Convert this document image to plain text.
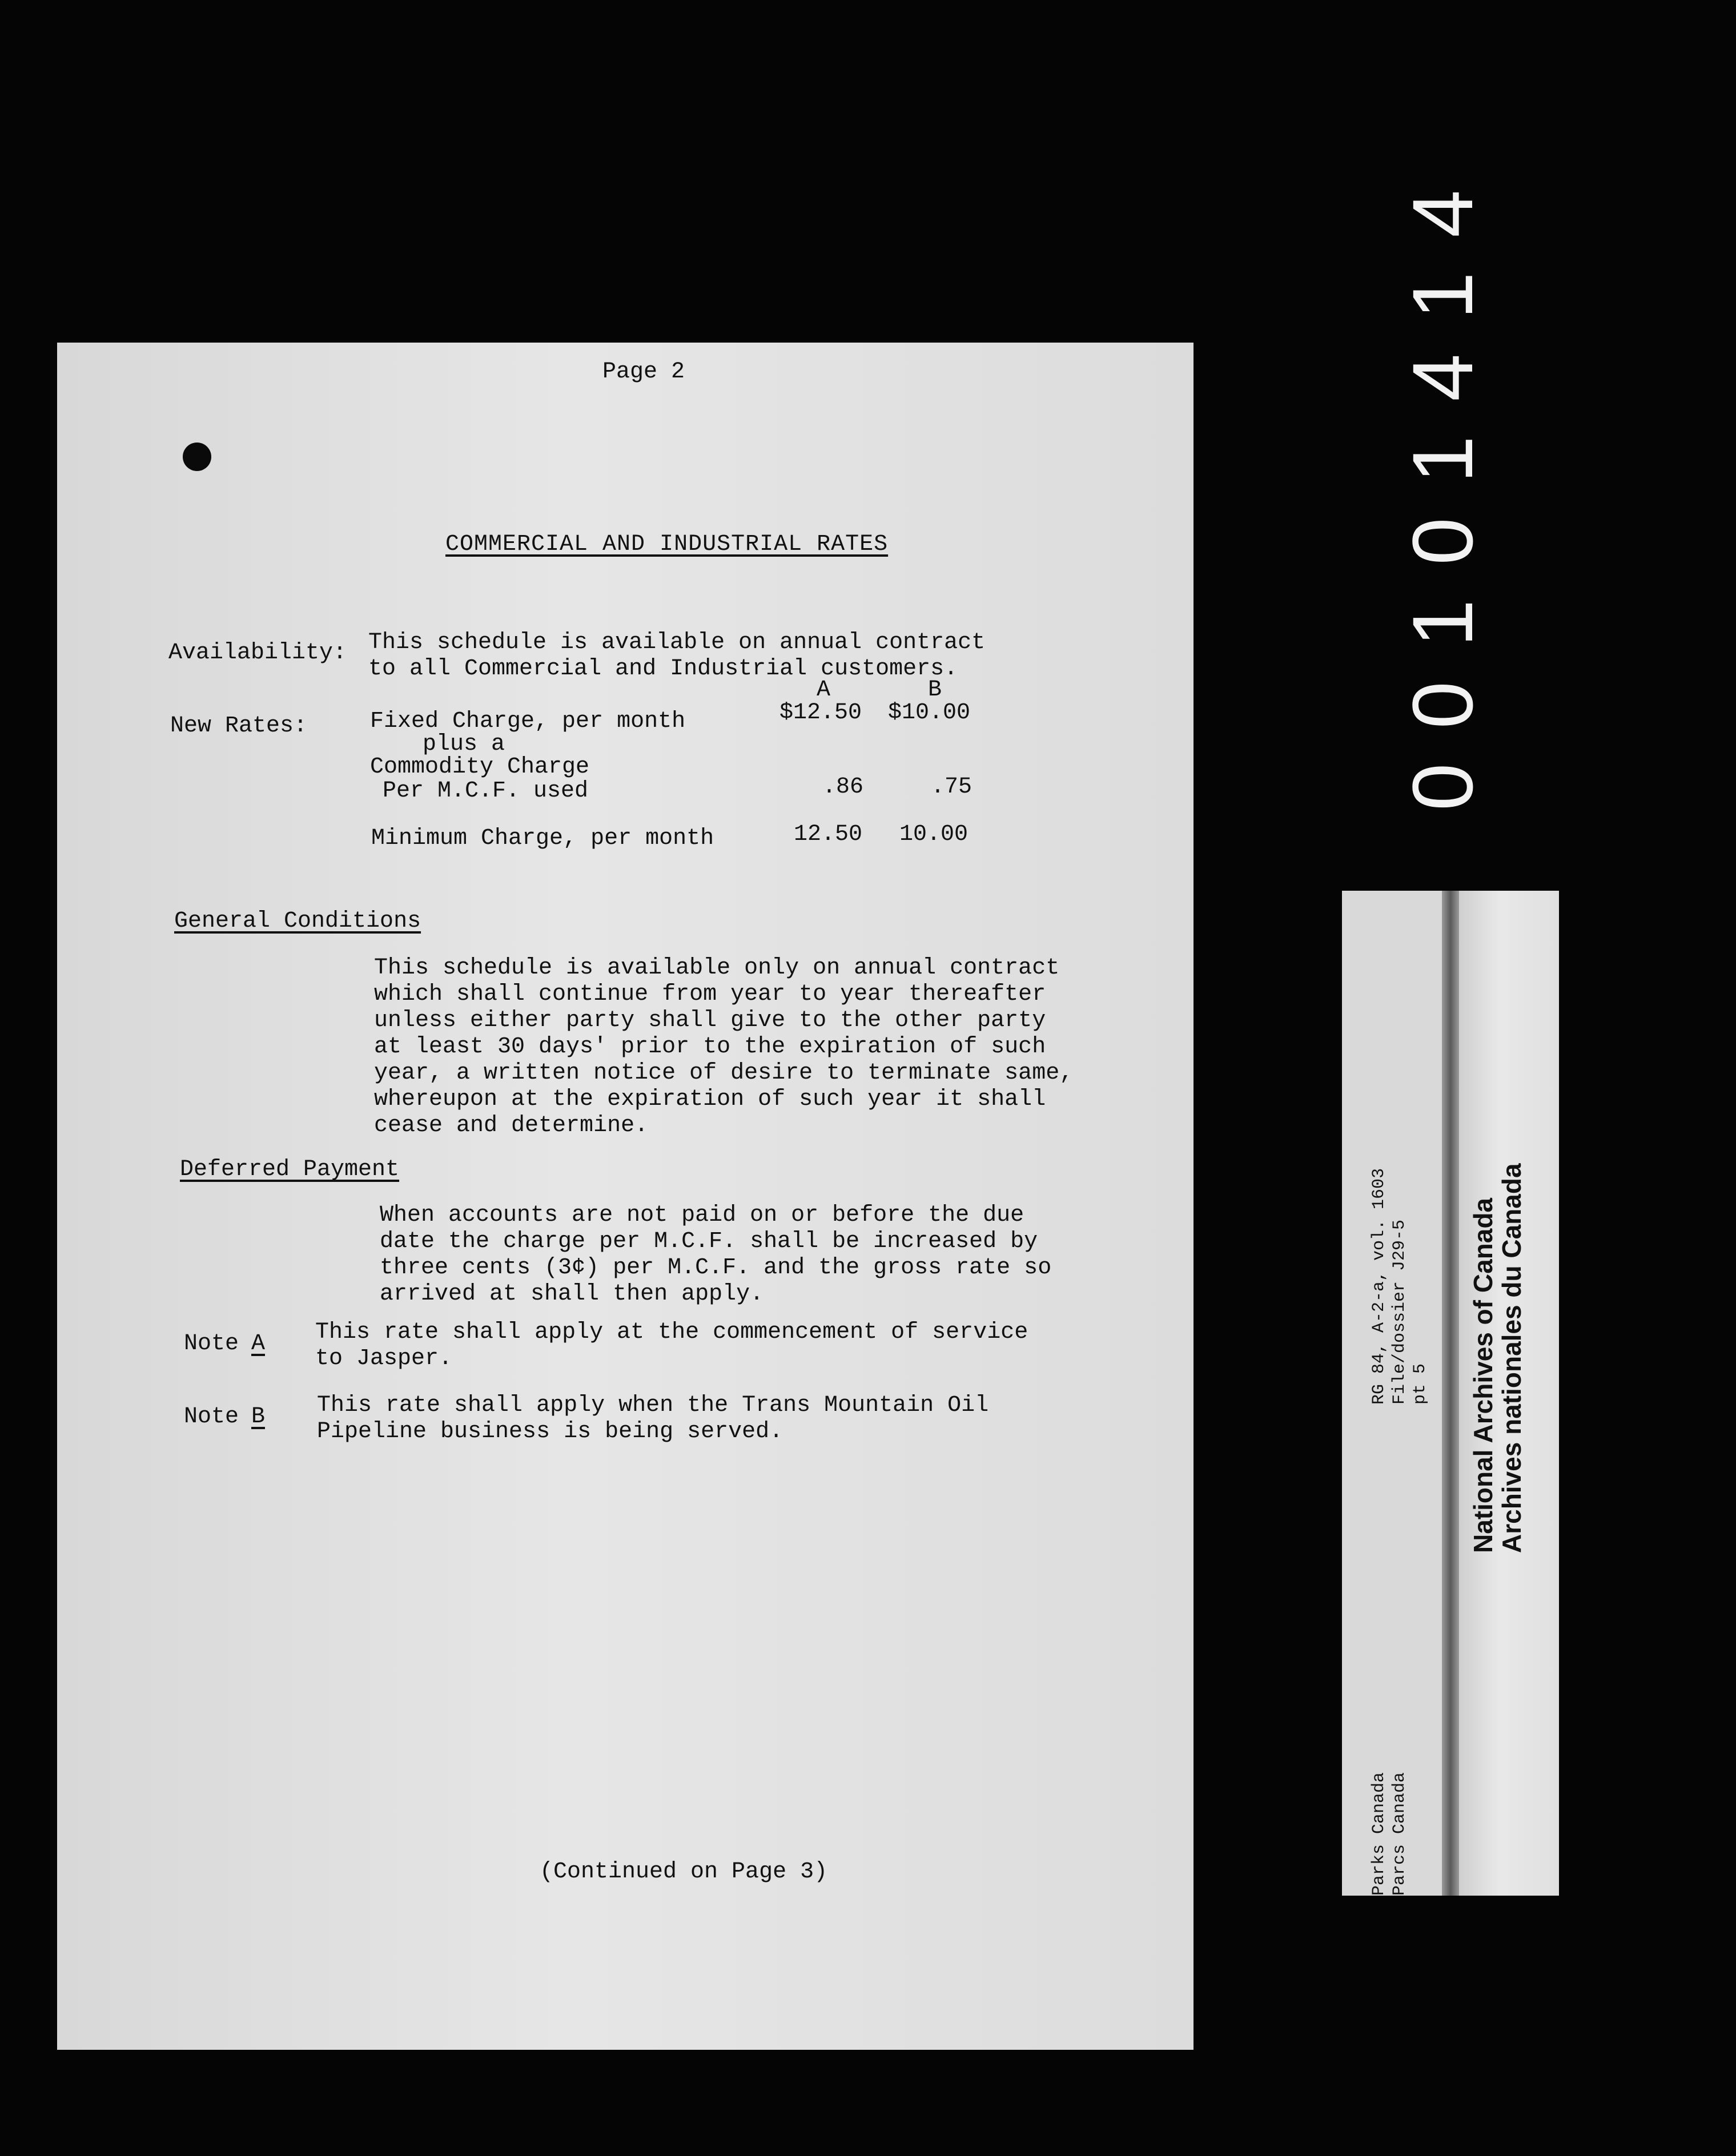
00101414
Page 2
COMMERCIAL AND INDUSTRIAL RATES
Availability: This schedule is available on annual contract
to all Commercial and Industrial customers.
A	B
New Rates:	Fixed Charge, per month	$12.50 $10.00
plus a
Commodity Charge
Per M.C.F. used	.86	.75
Minimum Charge, per month	12.50 10.00
General Conditions
This schedule is available only on annual contract
which shall continue from year to year thereafter
unless either party shall give to the other party
at least 30 days' prior to the expiration of such
year, a written notice of desire to terminate same,
whereupon at the expiration of such year it shall
cease and determine.
Deferred Payment
When accounts are not paid on or before the due
date the charge per M.C.F. shall be increased by
three cents (3¢) per M.C.F. and the gross rate so
arrived at shall then apply.
Note A This rate shall apply at the commencement of service
to Jasper.
Note B This rate shall apply when the Trans Mountain Oil
Pipeline business is being served.
(Continued on Page 3)
RG 84, A-2-a, vol. 1603 File/dossier J29-5 pt 5
Parks Canada Parcs Canada
National Archives of Canada
Archives nationales du Canada
